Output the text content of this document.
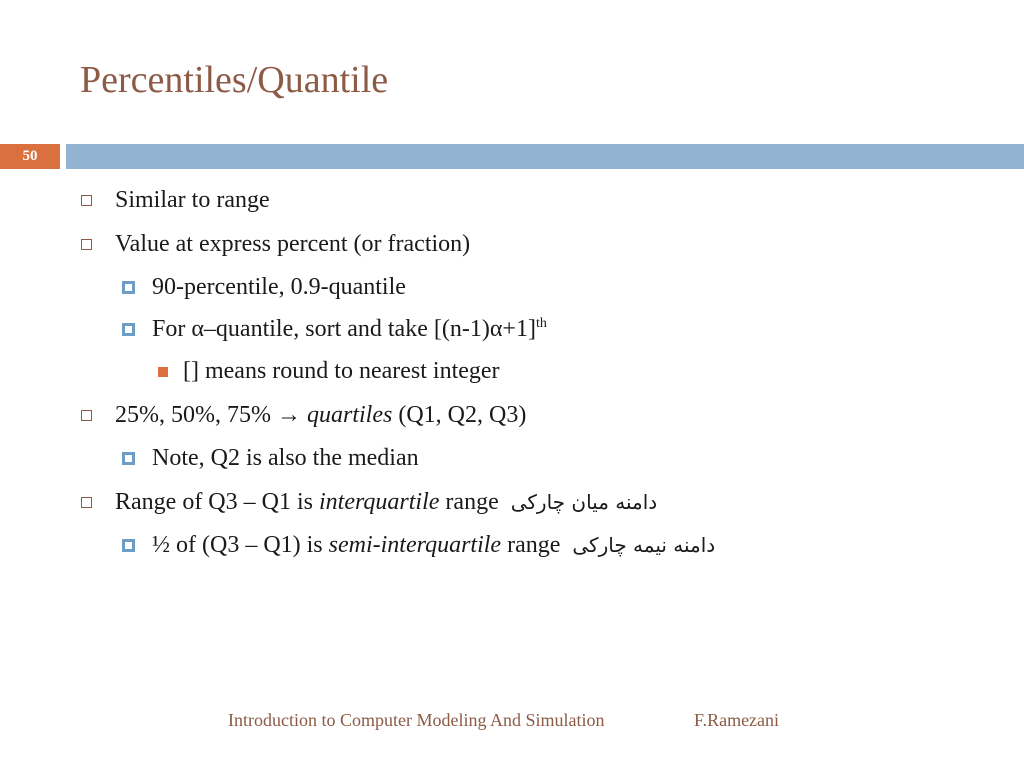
Percentiles/Quantile
50
Similar to range
Value at express percent (or fraction)
90-percentile, 0.9-quantile
For α–quantile, sort and take $[(n-1)\alpha+1]^{th}$
[] means round to nearest integer
25%, 50%, 75% → quartiles (Q1, Q2, Q3)
Note, Q2 is also the median
Range of Q3 – Q1 is interquartile range دامنه میان چارکی
½ of (Q3 – Q1) is semi-interquartile range دامنه نیمه چارکی
Introduction to Computer Modeling And Simulation	F.Ramezani
